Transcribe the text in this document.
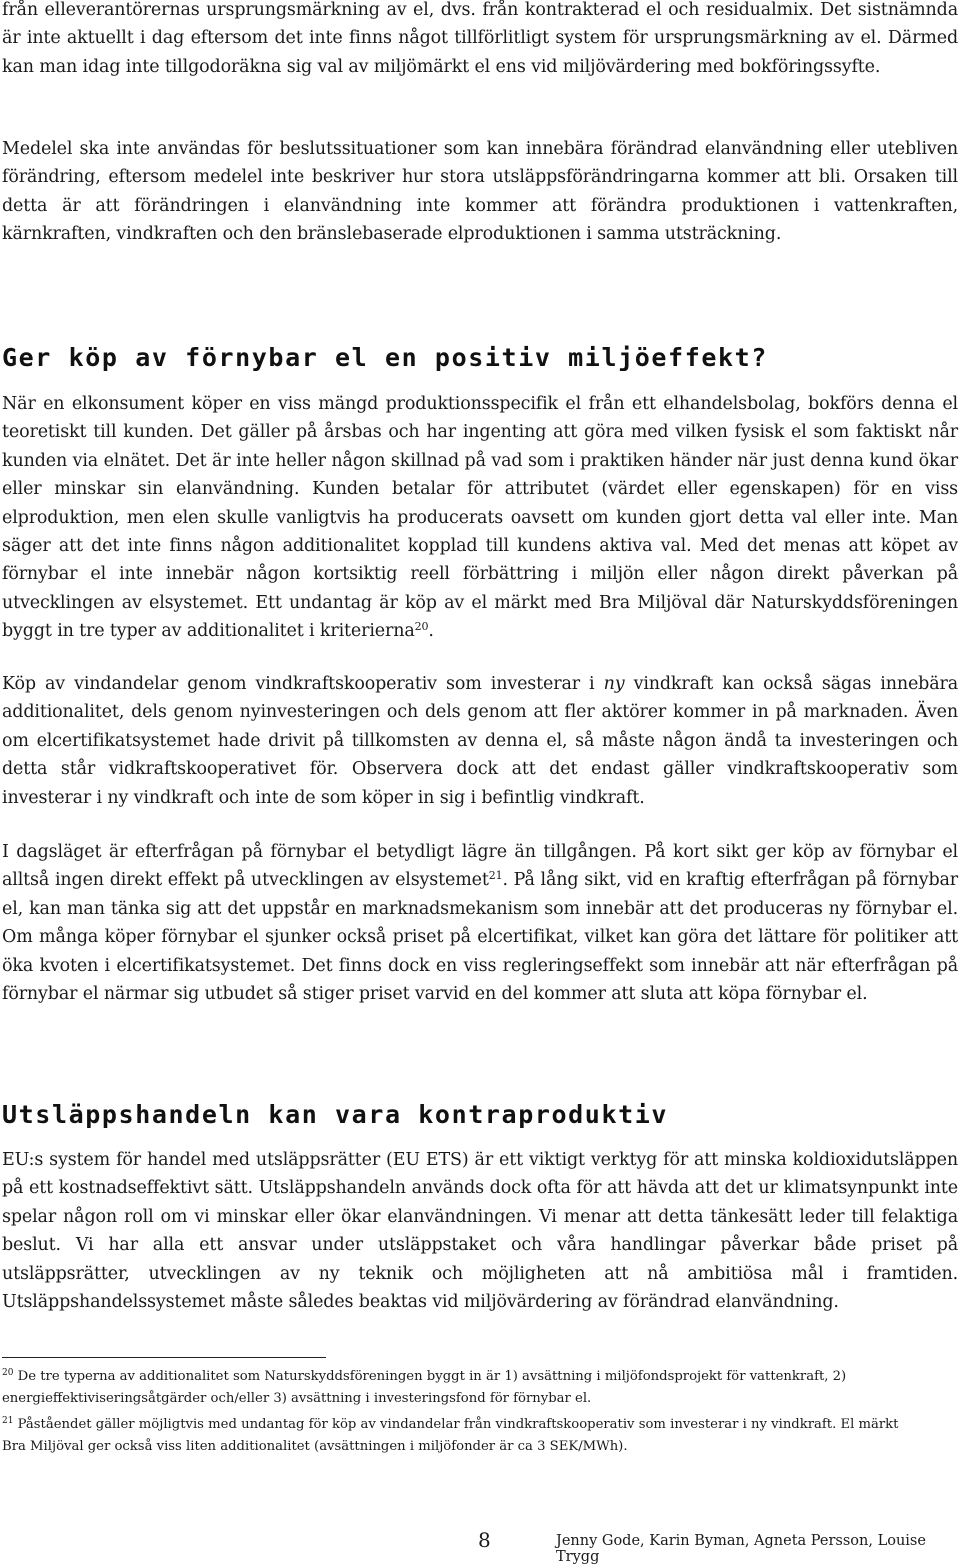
från elleverantörernas ursprungsmärkning av el, dvs. från kontrakterad el och residualmix. Det sistnämnda är inte aktuellt i dag eftersom det inte finns något tillförlitligt system för ursprungsmärkning av el. Därmed kan man idag inte tillgodoräkna sig val av miljömärkt el ens vid miljövärdering med bokföringssyfte.

Medelel ska inte användas för beslutssituationer som kan innebära förändrad elanvändning eller utebliven förändring, eftersom medelel inte beskriver hur stora utsläppsförändringarna kommer att bli. Orsaken till detta är att förändringen i elanvändning inte kommer att förändra produktionen i vattenkraften, kärnkraften, vindkraften och den bränslebaserade elproduktionen i samma utsträckning.

Ger köp av förnybar el en positiv miljöeffekt?

När en elkonsument köper en viss mängd produktionsspecifik el från ett elhandelsbolag, bokförs denna el teoretiskt till kunden. Det gäller på årsbas och har ingenting att göra med vilken fysisk el som faktiskt når kunden via elnätet. Det är inte heller någon skillnad på vad som i praktiken händer när just denna kund ökar eller minskar sin elanvändning. Kunden betalar för attributet (värdet eller egenskapen) för en viss elproduktion, men elen skulle vanligtvis ha producerats oavsett om kunden gjort detta val eller inte. Man säger att det inte finns någon additionalitet kopplad till kundens aktiva val. Med det menas att köpet av förnybar el inte innebär någon kortsiktig reell förbättring i miljön eller någon direkt påverkan på utvecklingen av elsystemet. Ett undantag är köp av el märkt med Bra Miljöval där Naturskyddsföreningen byggt in tre typer av additionalitet i kriterierna$^{20}$.

Köp av vindandelar genom vindkraftskooperativ som investerar i ny vindkraft kan också sägas innebära additionalitet, dels genom nyinvesteringen och dels genom att fler aktörer kommer in på marknaden. Även om elcertifikatsystemet hade drivit på tillkomsten av denna el, så måste någon ändå ta investeringen och detta står vidkraftskooperativet för. Observera dock att det endast gäller vindkraftskooperativ som investerar i ny vindkraft och inte de som köper in sig i befintlig vindkraft.

I dagsläget är efterfrågan på förnybar el betydligt lägre än tillgången. På kort sikt ger köp av förnybar el alltså ingen direkt effekt på utvecklingen av elsystemet$^{21}$. På lång sikt, vid en kraftig efterfrågan på förnybar el, kan man tänka sig att det uppstår en marknadsmekanism som innebär att det produceras ny förnybar el. Om många köper förnybar el sjunker också priset på elcertifikat, vilket kan göra det lättare för politiker att öka kvoten i elcertifikatsystemet. Det finns dock en viss regleringseffekt som innebär att när efterfrågan på förnybar el närmar sig utbudet så stiger priset varvid en del kommer att sluta att köpa förnybar el.

Utsläppshandeln kan vara kontraproduktiv

EU:s system för handel med utsläppsrätter (EU ETS) är ett viktigt verktyg för att minska koldioxidutsläppen på ett kostnadseffektivt sätt. Utsläppshandeln används dock ofta för att hävda att det ur klimatsynpunkt inte spelar någon roll om vi minskar eller ökar elanvändningen. Vi menar att detta tänkesätt leder till felaktiga beslut. Vi har alla ett ansvar under utsläppstaket och våra handlingar påverkar både priset på utsläppsrätter, utvecklingen av ny teknik och möjligheten att nå ambitiösa mål i framtiden. Utsläppshandelssystemet måste således beaktas vid miljövärdering av förändrad elanvändning.

$^{20}$ De tre typerna av additionalitet som Naturskyddsföreningen byggt in är 1) avsättning i miljöfondsprojekt för vattenkraft, 2) energieffektiviseringsåtgärder och/eller 3) avsättning i investeringsfond för förnybar el.

$^{21}$ Påståendet gäller möjligtvis med undantag för köp av vindandelar från vindkraftskooperativ som investerar i ny vindkraft. El märkt Bra Miljöval ger också viss liten additionalitet (avsättningen i miljöfonder är ca 3 SEK/MWh).

8	Jenny Gode, Karin Byman, Agneta Persson, Louise Trygg
